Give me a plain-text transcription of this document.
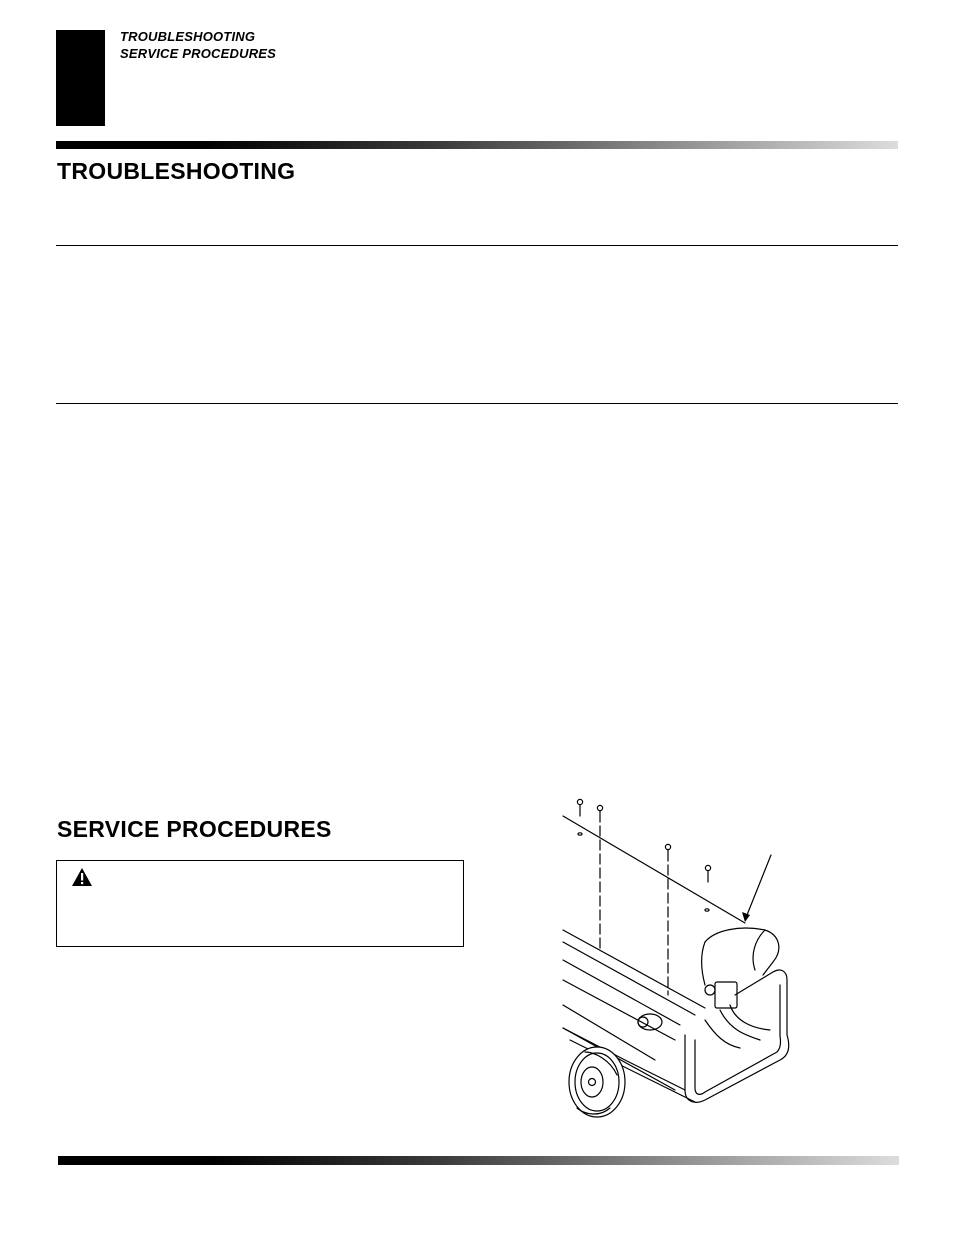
TROUBLESHOOTING
SERVICE PROCEDURES
TROUBLESHOOTING
SERVICE PROCEDURES
